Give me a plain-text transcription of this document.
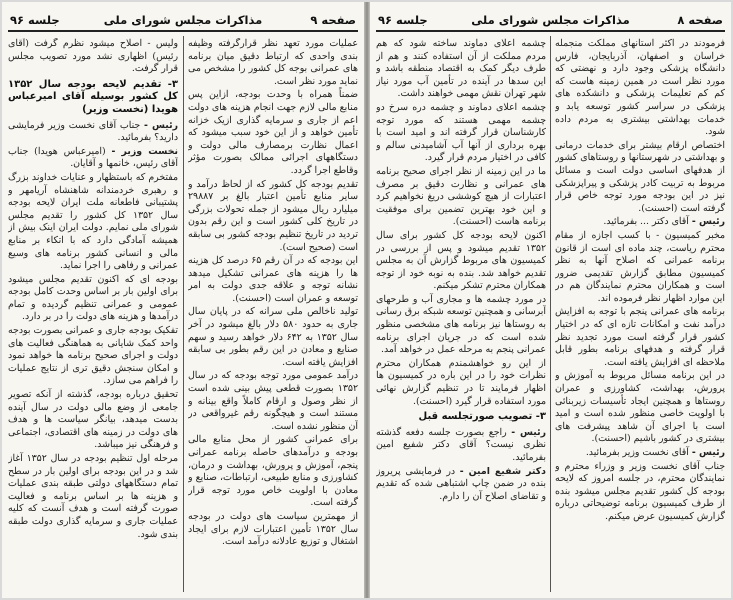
صفحه ۹
مذاکرات مجلس شورای ملی
جلسه ۹۶

عملیات مورد تعهد نظر قرارگرفته وظیفه بندی واحدی که ارتباط دقیق میان برنامه های عمرانی بوجه کل کشور را مشخص می نماید مورد نظر است.

ضمناً همراه با وحدت بودجه، ازاین پس منابع مالی لازم جهت انجام هزینه های دولت اعم از جاری و سرمایه گذاری ازیک خزانه تأمین خواهد و از این خود سبب میشود که اعمال نظارت برمصارف مالی دولت و دستگاههای اجرائی ممالک بصورت مؤثر وقاطع اجرا گردد.

تقدیم بودجه کل کشور که از لحاظ درآمد و سایر منابع تأمین اعتبار بالغ بر ۲۹۸۸۷ میلیارد ریال میشود از جمله تحولات بزرگی در تاریخ کلی کشور است و این رقم بدون تردید در تاریخ تنظیم بودجه کشور بی سابقه است (صحیح است).

این بودجه که در آن رقم ۶۵ درصد کل هزینه ها را هزینه های عمرانی تشکیل میدهد نشانه توجه و علاقه جدی دولت به امر توسعه و عمران است (احسنت).

تولید ناخالص ملی سرانه که در پایان سال جاری به حدود ۵۸۰ دلار بالغ میشود در آخر سال ۱۳۵۲ به ۶۴۲ دلار خواهد رسید و سهم صنایع و معادن در این رقم بطور بی سابقه افزایش یافته است.

درآمد عمومی مورد توجه بودجه که در سال ۱۳۵۲ بصورت قطعی پیش بینی شده است از نظر وصول و ارقام کاملاً واقع بینانه و مستند است و هیچگونه رقم غیرواقعی در آن منظور نشده است.

برای عمرانی کشور از محل منابع مالی بودجه و درآمدهای حاصله برنامه عمرانی پنجم، آموزش و پرورش، بهداشت و درمان، کشاورزی و منابع طبیعی، ارتباطات، صنایع و معادن با اولویت خاص مورد توجه قرار گرفته است.

از مهمترین سیاست های دولت در بودجه سال ۱۳۵۲ تأمین اعتبارات لازم برای ایجاد اشتغال و توزیع عادلانه درآمد است.

ولیس - اصلاح میشود نظرم گرفت (آقای رئیس) اظهاری نشد مورد تصویب مجلس قرار گرفت.

۳- تقدیم لایحه بودجه سال ۱۳۵۲ کل کشور بوسیله آقای امیرعباس هویدا (نخست وزیر)

رئیس - جناب آقای نخست وزیر فرمایشی دارید؟ بفرمائید.

نخست وزیر - (امیرعباس هویدا) جناب آقای رئیس، خانمها و آقایان.

مفتخرم که باستظهار و عنایات خداوند بزرگ و رهبری خردمندانه شاهنشاه آریامهر و پشتیبانی فاطعانه ملت ایران لایحه بودجه سال ۱۳۵۲ کل کشور را تقدیم مجلس شورای ملی نمایم. دولت ایران اینک بیش از همیشه آمادگی دارد که با اتکاء بر منابع مالی و انسانی کشور برنامه های وسیع عمرانی و رفاهی را اجرا نماید.

بودجه ای که اکنون تقدیم مجلس میشود برای اولین بار بر اساس وحدت کامل بودجه عمومی و عمرانی تنظیم گردیده و تمام درآمدها و هزینه های دولت را در بر دارد.

تفکیک بودجه جاری و عمرانی بصورت بودجه واحد کمک شایانی به هماهنگی فعالیت های دولت و اجرای صحیح برنامه ها خواهد نمود و امکان سنجش دقیق تری از نتایج عملیات را فراهم می سازد.

تحقیق درباره بودجه، گذشته از آنکه تصویر جامعی از وضع مالی دولت در سال آینده بدست میدهد، بیانگر سیاست ها و هدف های دولت در زمینه های اقتصادی، اجتماعی و فرهنگی نیز میباشد.

مرحله اول تنظیم بودجه در سال ۱۳۵۲ آغاز شد و در این بودجه برای اولین بار در سطح تمام دستگاههای دولتی طبقه بندی عملیات و هزینه ها بر اساس برنامه و فعالیت صورت گرفته است و هدف آنست که کلیه عملیات جاری و سرمایه گذاری دولت طبقه بندی شود.

صفحه ۸
مذاکرات مجلس شورای ملی
جلسه ۹۶

فرمودند در اکثر استانهای مملکت منجمله خراسان و اصفهان، آذربایجان، فارس دانشگاه پزشکی وجود دارد و نهضتی که مورد نظر است در همین زمینه هاست که کم کم تعلیمات پزشکی و دانشکده های پزشکی در سراسر کشور توسعه یابد و خدمات بهداشتی بیشتری به مردم داده شود.

اختصاص ارقام بیشتر برای خدمات درمانی و بهداشتی در شهرستانها و روستاهای کشور از هدفهای اساسی دولت است و مسائل مربوط به تربیت کادر پزشکی و پیراپزشکی نیز در این بودجه مورد توجه خاص قرار گرفته است (احسنت).

رئیس - آقای دکتر ... بفرمائید.

مخبر کمیسیون - با کسب اجازه از مقام محترم ریاست، چند ماده ای است از قانون برنامه عمرانی که اصلاح آنها به نظر کمیسیون مطابق گزارش تقدیمی ضرور است و همکاران محترم نمایندگان هم در این موارد اظهار نظر فرموده اند.

برنامه های عمرانی پنجم با توجه به افزایش درآمد نفت و امکانات تازه ای که در اختیار کشور قرار گرفته است مورد تجدید نظر قرار گرفته و هدفهای برنامه بطور قابل ملاحظه ای افزایش یافته است.

در این برنامه مسائل مربوط به آموزش و پرورش، بهداشت، کشاورزی و عمران روستاها و همچنین ایجاد تأسیسات زیربنائی با اولویت خاصی منظور شده است و امید است با اجرای آن شاهد پیشرفت های بیشتری در کشور باشیم (احسنت).

رئیس - آقای نخست وزیر بفرمائید.

جناب آقای نخست وزیر و وزراء محترم و نمایندگان محترم، در جلسه امروز که لایحه بودجه کل کشور تقدیم مجلس میشود بنده از طرف کمیسیون برنامه توضیحاتی درباره گزارش کمیسیون عرض میکنم.

چشمه اعلای دماوند ساخته شود که هم مردم مملکت از آن استفاده کنند و هم از طرف دیگر کمک به اقتصاد منطقه باشد و این سدها در آینده در تأمین آب مورد نیاز شهر تهران نقش مهمی خواهند داشت.

چشمه اعلای دماوند و چشمه دره سرخ دو چشمه مهمی هستند که مورد توجه کارشناسان قرار گرفته اند و امید است با بهره برداری از آنها آب آشامیدنی سالم و کافی در اختیار مردم قرار گیرد.

ما در این زمینه از نظر اجرای صحیح برنامه های عمرانی و نظارت دقیق بر مصرف اعتبارات از هیچ کوششی دریغ نخواهیم کرد و این خود بهترین تضمین برای موفقیت برنامه هاست (احسنت).

اکنون لایحه بودجه کل کشور برای سال ۱۳۵۲ تقدیم میشود و پس از بررسی در کمیسیون های مربوط گزارش آن به مجلس تقدیم خواهد شد. بنده به نوبه خود از توجه همکاران محترم تشکر میکنم.

در مورد چشمه ها و مجاری آب و طرحهای آبرسانی و همچنین توسعه شبکه برق رسانی به روستاها نیز برنامه های مشخصی منظور شده است که در جریان اجرای برنامه عمرانی پنجم به مرحله عمل در خواهد آمد.

از این رو خواهشمندم همکاران محترم نظرات خود را در این باره در کمیسیون ها اظهار فرمایند تا در تنظیم گزارش نهائی مورد استفاده قرار گیرد (احسنت).

۳- تصویب صورتجلسه قبل

رئیس - راجع بصورت جلسه دفعه گذشته نظری نیست؟ آقای دکتر شفیع امین بفرمائید.

دکتر شفیع امین - در فرمایشی پریروز بنده در ضمن چاپ اشتباهی شده که تقدیم و تقاضای اصلاح آن را دارم.
